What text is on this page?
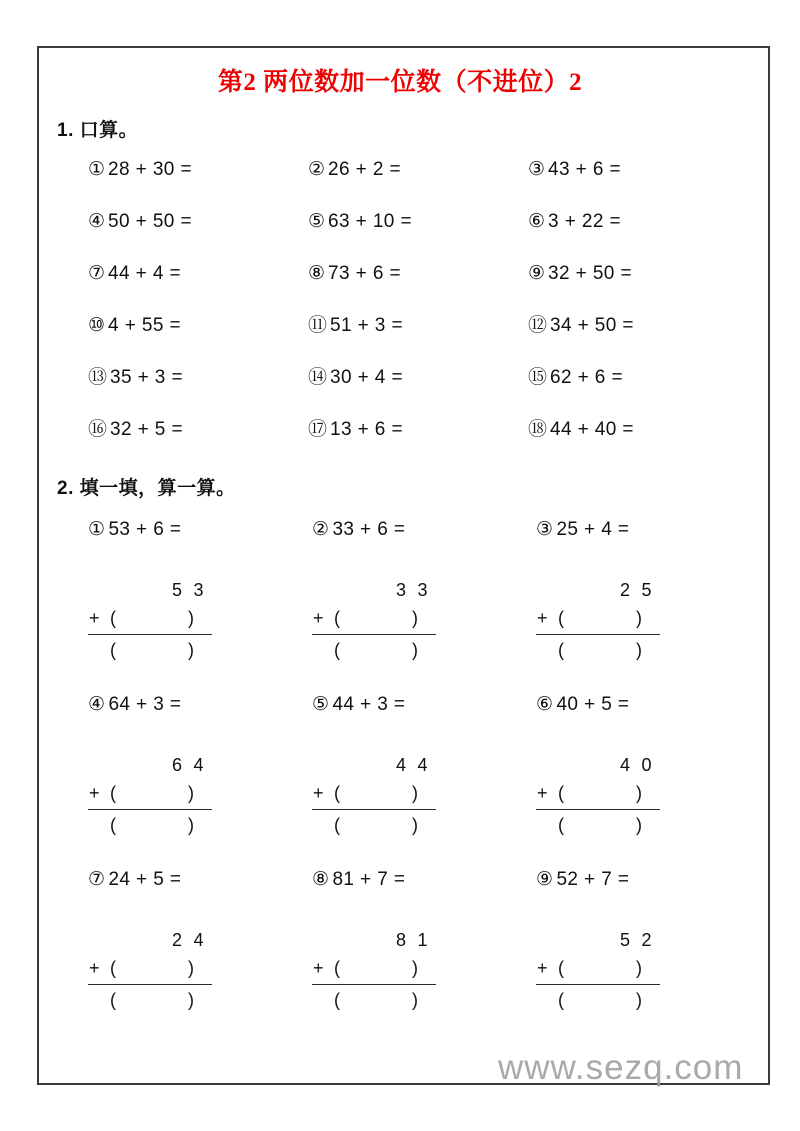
第2 两位数加一位数（不进位）2
1. 口算。
① 28 + 30 =	② 26 + 2 =	③ 43 + 6 =
④ 50 + 50 =	⑤ 63 + 10 =	⑥ 3 + 22 =
⑦ 44 + 4 =	⑧ 73 + 6 =	⑨ 32 + 50 =
⑩ 4 + 55 =	⑪ 51 + 3 =	⑫ 34 + 50 =
⑬ 35 + 3 =	⑭ 30 + 4 =	⑮ 62 + 6 =
⑯ 32 + 5 =	⑰ 13 + 6 =	⑱ 44 + 40 =
2. 填一填，算一算。
① 53 + 6 =
5 3
+ (	)
(	)
② 33 + 6 =
3 3
+ (	)
(	)
③ 25 + 4 =
2 5
+ (	)
(	)
④ 64 + 3 =
6 4
+ (	)
(	)
⑤ 44 + 3 =
4 4
+ (	)
(	)
⑥ 40 + 5 =
4 0
+ (	)
(	)
⑦ 24 + 5 =
2 4
+ (	)
(	)
⑧ 81 + 7 =
8 1
+ (	)
(	)
⑨ 52 + 7 =
5 2
+ (	)
(	)
www.sezq.com
